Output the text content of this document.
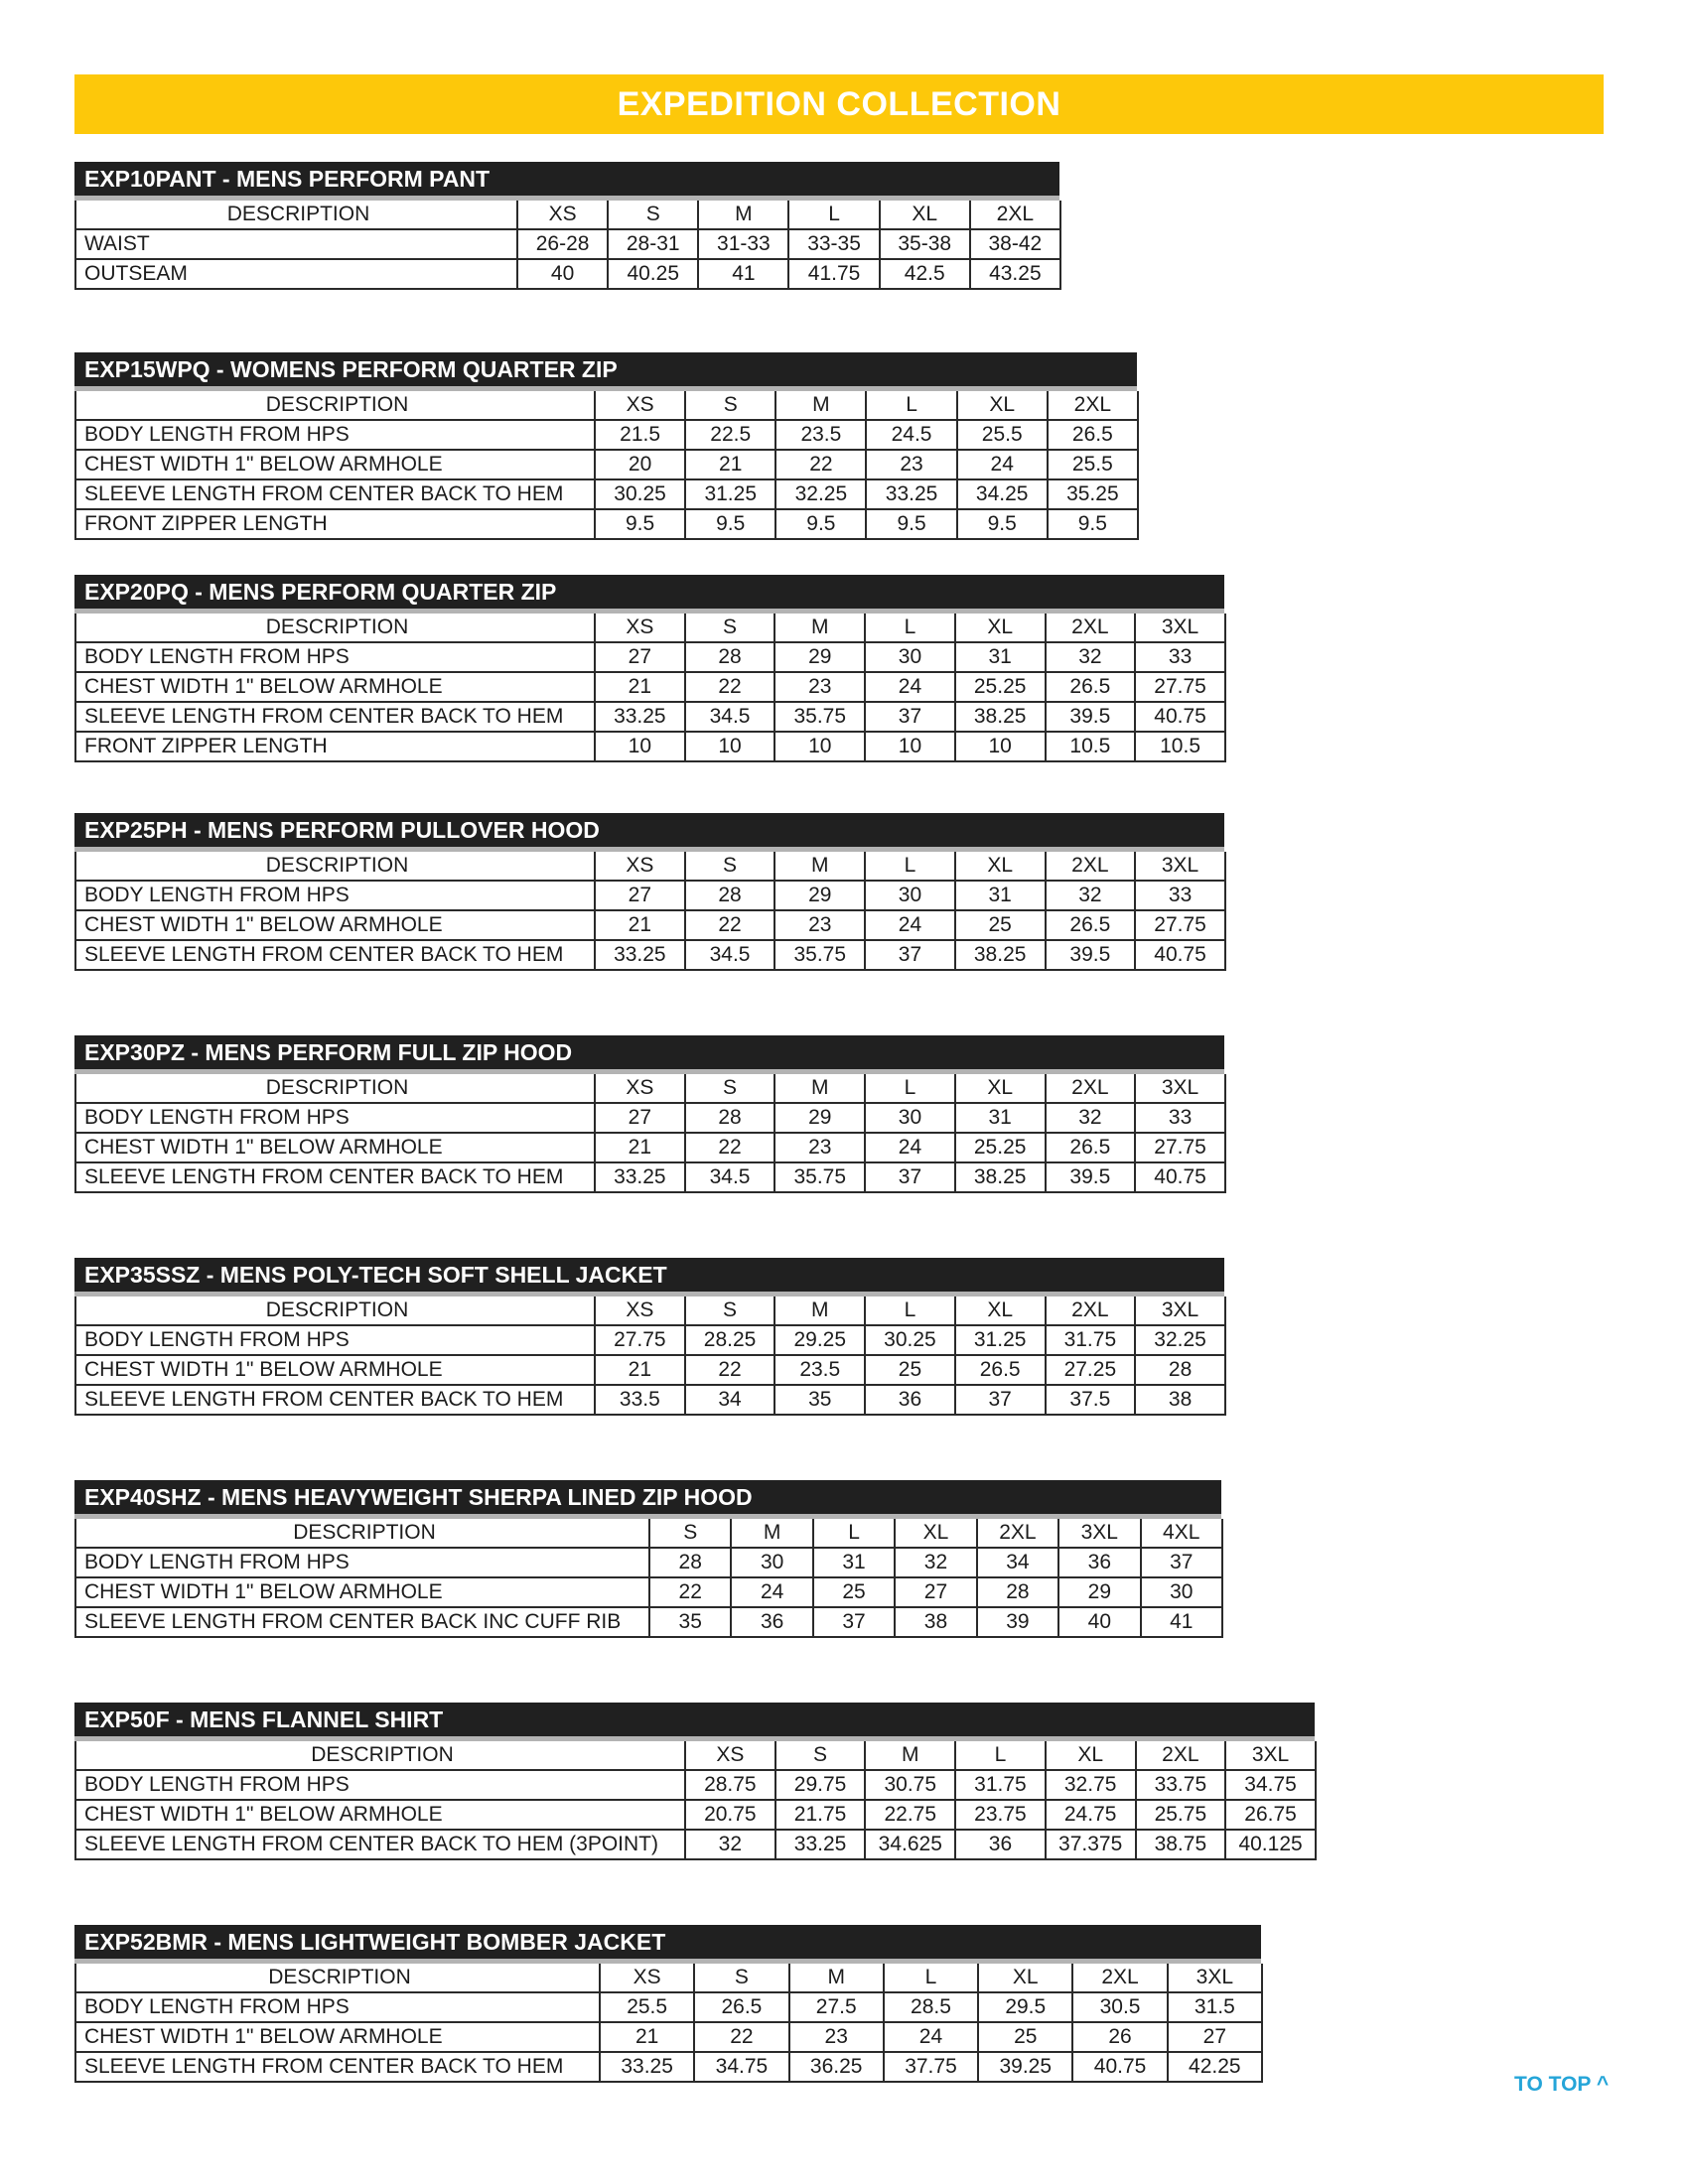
EXPEDITION COLLECTION
EXP10PANT - MENS PERFORM PANT
DESCRIPTION	XS	S	M	L	XL	2XL
WAIST	26-28	28-31	31-33	33-35	35-38	38-42
OUTSEAM	40	40.25	41	41.75	42.5	43.25
EXP15WPQ - WOMENS PERFORM QUARTER ZIP
DESCRIPTION	XS	S	M	L	XL	2XL
BODY LENGTH FROM HPS	21.5	22.5	23.5	24.5	25.5	26.5
CHEST WIDTH 1" BELOW ARMHOLE	20	21	22	23	24	25.5
SLEEVE LENGTH FROM CENTER BACK TO HEM	30.25	31.25	32.25	33.25	34.25	35.25
FRONT ZIPPER LENGTH	9.5	9.5	9.5	9.5	9.5	9.5
EXP20PQ - MENS PERFORM QUARTER ZIP
DESCRIPTION	XS	S	M	L	XL	2XL	3XL
BODY LENGTH FROM HPS	27	28	29	30	31	32	33
CHEST WIDTH 1" BELOW ARMHOLE	21	22	23	24	25.25	26.5	27.75
SLEEVE LENGTH FROM CENTER BACK TO HEM	33.25	34.5	35.75	37	38.25	39.5	40.75
FRONT ZIPPER LENGTH	10	10	10	10	10	10.5	10.5
EXP25PH - MENS PERFORM PULLOVER HOOD
DESCRIPTION	XS	S	M	L	XL	2XL	3XL
BODY LENGTH FROM HPS	27	28	29	30	31	32	33
CHEST WIDTH 1" BELOW ARMHOLE	21	22	23	24	25	26.5	27.75
SLEEVE LENGTH FROM CENTER BACK TO HEM	33.25	34.5	35.75	37	38.25	39.5	40.75
EXP30PZ - MENS PERFORM FULL ZIP HOOD
DESCRIPTION	XS	S	M	L	XL	2XL	3XL
BODY LENGTH FROM HPS	27	28	29	30	31	32	33
CHEST WIDTH 1" BELOW ARMHOLE	21	22	23	24	25.25	26.5	27.75
SLEEVE LENGTH FROM CENTER BACK TO HEM	33.25	34.5	35.75	37	38.25	39.5	40.75
EXP35SSZ - MENS POLY-TECH SOFT SHELL JACKET
DESCRIPTION	XS	S	M	L	XL	2XL	3XL
BODY LENGTH FROM HPS	27.75	28.25	29.25	30.25	31.25	31.75	32.25
CHEST WIDTH 1" BELOW ARMHOLE	21	22	23.5	25	26.5	27.25	28
SLEEVE LENGTH FROM CENTER BACK TO HEM	33.5	34	35	36	37	37.5	38
EXP40SHZ - MENS HEAVYWEIGHT SHERPA LINED ZIP HOOD
DESCRIPTION	S	M	L	XL	2XL	3XL	4XL
BODY LENGTH FROM HPS	28	30	31	32	34	36	37
CHEST WIDTH 1" BELOW ARMHOLE	22	24	25	27	28	29	30
SLEEVE LENGTH FROM CENTER BACK INC CUFF RIB	35	36	37	38	39	40	41
EXP50F - MENS FLANNEL SHIRT
DESCRIPTION	XS	S	M	L	XL	2XL	3XL
BODY LENGTH FROM HPS	28.75	29.75	30.75	31.75	32.75	33.75	34.75
CHEST WIDTH 1" BELOW ARMHOLE	20.75	21.75	22.75	23.75	24.75	25.75	26.75
SLEEVE LENGTH FROM CENTER BACK TO HEM (3POINT)	32	33.25	34.625	36	37.375	38.75	40.125
EXP52BMR - MENS LIGHTWEIGHT BOMBER JACKET
DESCRIPTION	XS	S	M	L	XL	2XL	3XL
BODY LENGTH FROM HPS	25.5	26.5	27.5	28.5	29.5	30.5	31.5
CHEST WIDTH 1" BELOW ARMHOLE	21	22	23	24	25	26	27
SLEEVE LENGTH FROM CENTER BACK TO HEM	33.25	34.75	36.25	37.75	39.25	40.75	42.25
TO TOP ^
